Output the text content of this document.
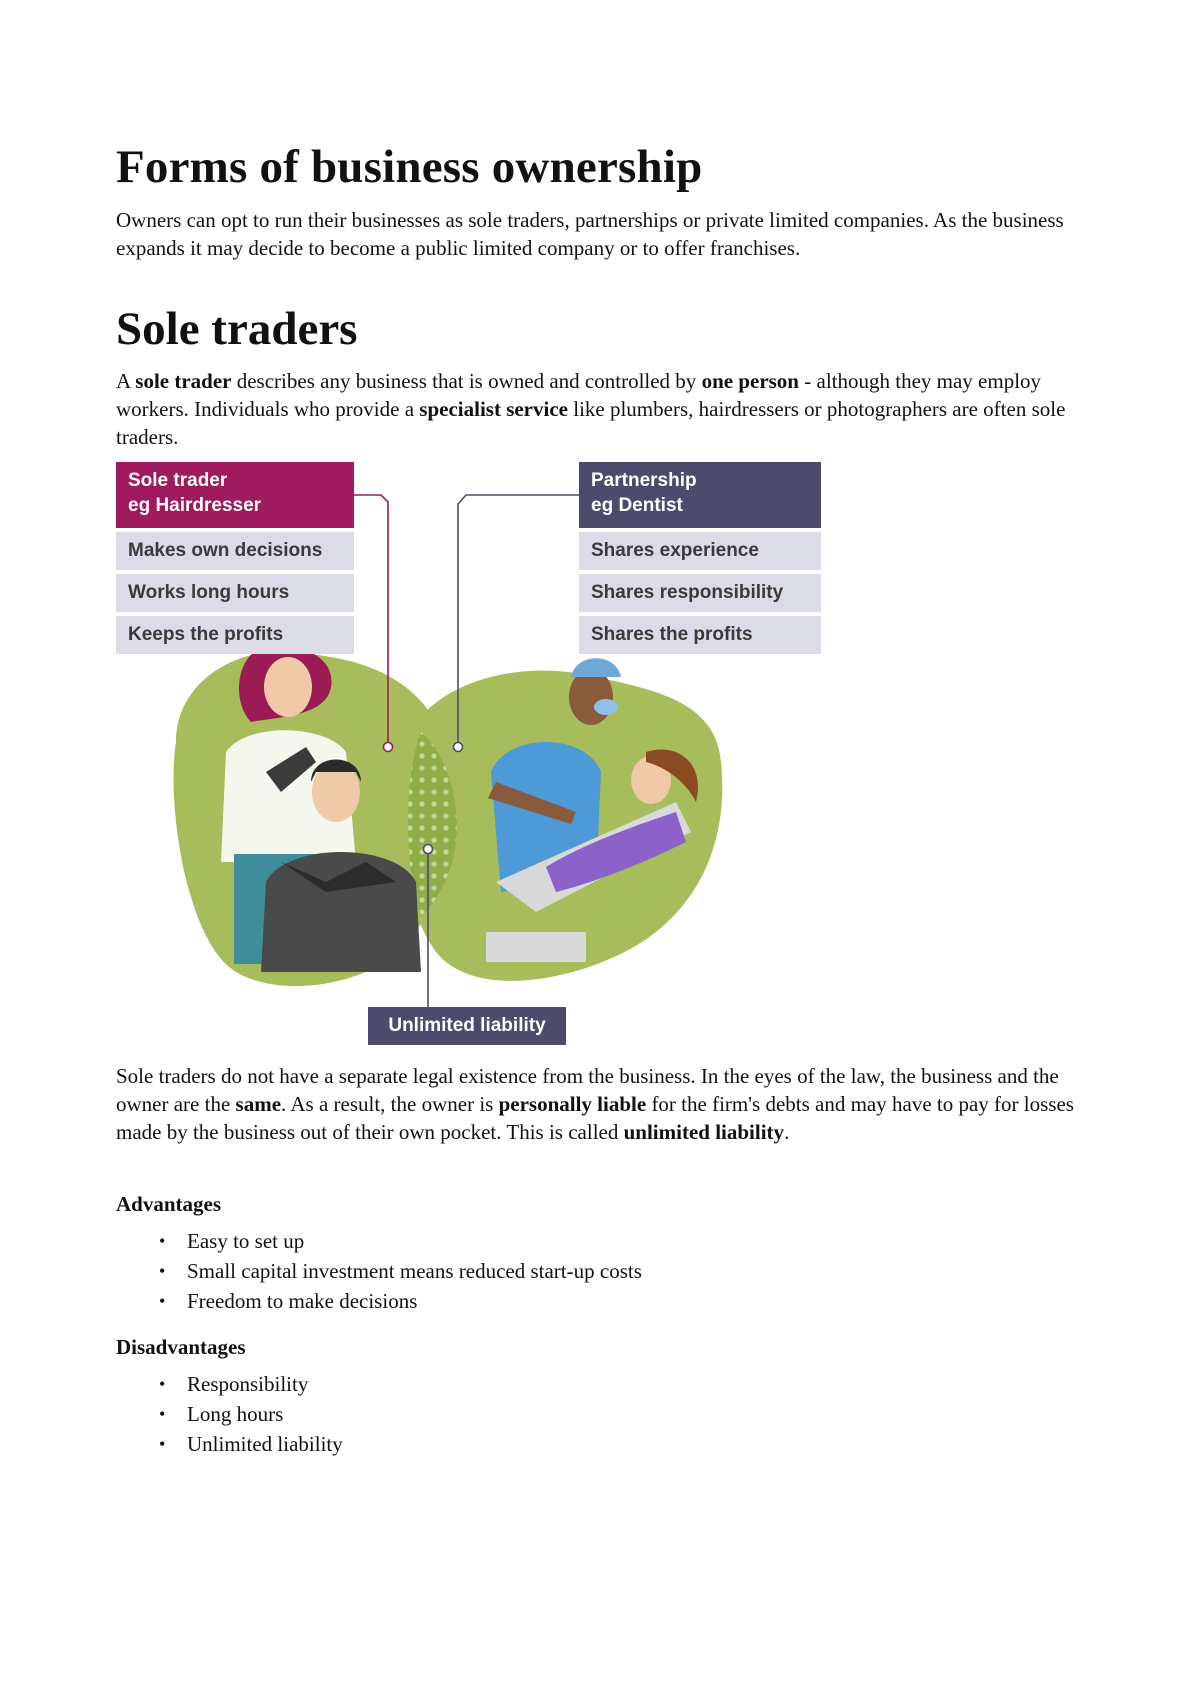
Forms of business ownership

Owners can opt to run their businesses as sole traders, partnerships or private limited companies. As the business expands it may decide to become a public limited company or to offer franchises.

Sole traders

A sole trader describes any business that is owned and controlled by one person - although they may employ workers. Individuals who provide a specialist service like plumbers, hairdressers or photographers are often sole traders.

Sole traders do not have a separate legal existence from the business. In the eyes of the law, the business and the owner are the same. As a result, the owner is personally liable for the firm's debts and may have to pay for losses made by the business out of their own pocket. This is called unlimited liability.

Advantages
• Easy to set up
• Small capital investment means reduced start-up costs
• Freedom to make decisions
Disadvantages
• Responsibility
• Long hours
• Unlimited liability
Sole trader
eg Hairdresser
Makes own decisions
Works long hours
Keeps the profits
Partnership
eg Dentist
Shares experience
Shares responsibility
Shares the profits
Unlimited liability
